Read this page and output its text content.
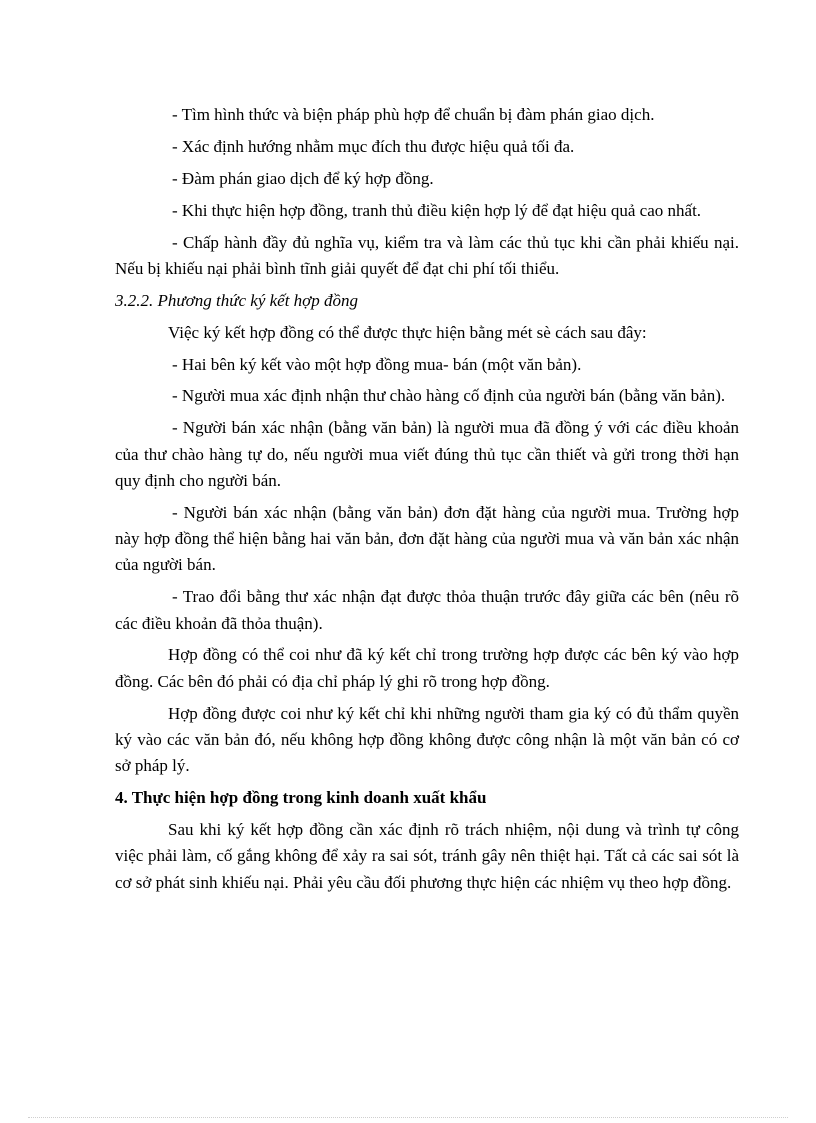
- Tìm hình thức và biện pháp phù hợp để chuẩn bị đàm phán giao dịch.

- Xác định hướng nhằm mục đích thu được hiệu quả tối đa.

- Đàm phán giao dịch để ký hợp đồng.

- Khi thực hiện hợp đồng, tranh thủ điều kiện hợp lý để đạt hiệu quả cao nhất.

- Chấp hành đầy đủ nghĩa vụ, kiểm tra và làm các thủ tục khi cần phải khiếu nại. Nếu bị khiếu nại phải bình tĩnh giải quyết để đạt chi phí tối thiểu.

3.2.2. Phương thức ký kết hợp đồng

Việc ký kết hợp đồng có thể được thực hiện bằng mét sè cách sau đây:

- Hai bên ký kết vào một hợp đồng mua- bán (một văn bản).

- Người mua xác định nhận thư chào hàng cố định của người bán (bằng văn bản).

- Người bán xác nhận (bằng văn bản) là người mua đã đồng ý với các điều khoản của thư chào hàng tự do, nếu người mua viết đúng thủ tục cần thiết và gửi trong thời hạn quy định cho người bán.

- Người bán xác nhận (bằng văn bản) đơn đặt hàng của người mua. Trường hợp này hợp đồng thể hiện bằng hai văn bản, đơn đặt hàng của người mua và văn bản xác nhận của người bán.

- Trao đổi bằng thư xác nhận đạt được thỏa thuận trước đây giữa các bên (nêu rõ các điều khoản đã thỏa thuận).

Hợp đồng có thể coi như đã ký kết chỉ trong trường hợp được các bên ký vào hợp đồng. Các bên đó phải có địa chỉ pháp lý ghi rõ trong hợp đồng.

Hợp đồng được coi như ký kết chỉ khi những người tham gia ký có đủ thẩm quyền ký vào các văn bản đó, nếu không hợp đồng không được công nhận là một văn bản có cơ sở pháp lý.

4. Thực hiện hợp đồng trong kinh doanh xuất khẩu

Sau khi ký kết hợp đồng cần xác định rõ trách nhiệm, nội dung và trình tự công việc phải làm, cố gắng không để xảy ra sai sót, tránh gây nên thiệt hại. Tất cả các sai sót là cơ sở phát sinh khiếu nại. Phải yêu cầu đối phương thực hiện các nhiệm vụ theo hợp đồng.
